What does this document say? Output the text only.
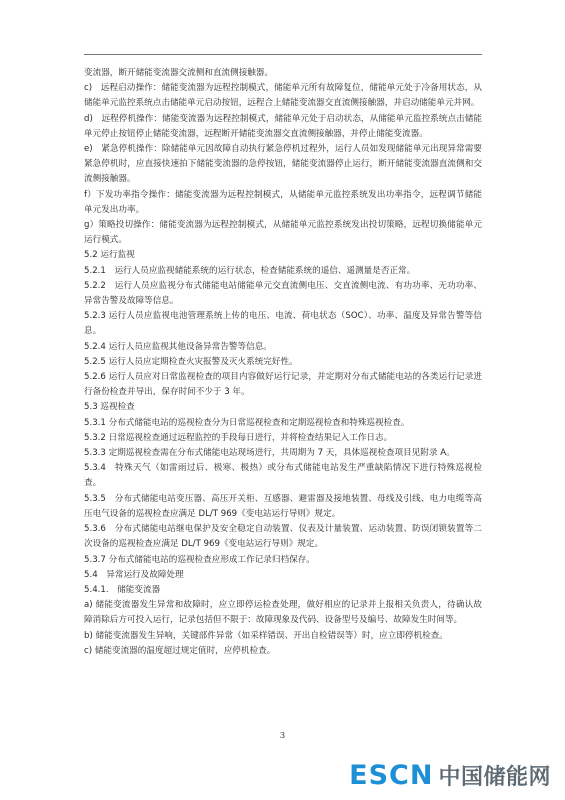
变流器，断开储能变流器交流侧和直流侧接触器。

c)　远程启动操作：储能变流器为远程控制模式，储能单元所有故障复位，储能单元处于冷备用状态，从储能单元监控系统点击储能单元启动按钮，远程合上储能变流器交直流侧接触器，并启动储能单元并网。

d)　远程停机操作：储能变流器为远程控制模式，储能单元处于启动状态，从储能单元监控系统点击储能单元停止按钮停止储能变流器，远程断开储能变流器交直流侧接触器，并停止储能变流器。

e)　紧急停机操作：除储能单元因故障自动执行紧急停机过程外，运行人员如发现储能单元出现异常需要紧急停机时，应直接快速拍下储能变流器的急停按钮，储能变流器停止运行，断开储能变流器直流侧和交流侧接触器。

f）下发功率指令操作：储能变流器为远程控制模式，从储能单元监控系统发出功率指令，远程调节储能单元发出功率。

g）策略投切操作：储能变流器为远程控制模式，从储能单元监控系统发出投切策略，远程切换储能单元运行模式。

5.2 运行监视

5.2.1　运行人员应监视储能系统的运行状态，检查储能系统的遥信、遥测量是否正常。

5.2.2　运行人员应监视分布式储能电站储能单元交直流侧电压、交直流侧电流、有功功率、无功功率、异常告警及故障等信息。

5.2.3 运行人员应监视电池管理系统上传的电压、电流、荷电状态（SOC）、功率、温度及异常告警等信息。

5.2.4 运行人员应监视其他设备异常告警等信息。

5.2.5 运行人员应定期检查火灾报警及灭火系统完好性。

5.2.6 运行人员应对日常监视检查的项目内容做好运行记录，并定期对分布式储能电站的各类运行记录进行备份检查并导出，保存时间不少于 3 年。

5.3 巡视检查

5.3.1 分布式储能电站的巡视检查分为日常巡视检查和定期巡视检查和特殊巡视检查。

5.3.2 日常巡视检查通过远程监控的手段每日进行，并将检查结果记入工作日志。

5.3.3 定期巡视检查需在分布式储能电站现场进行，共周期为 7 天，具体巡视检查项目见附录 A。

5.3.4　特殊天气（如雷雨过后、极寒、极热）或分布式储能电站发生严重缺陷情况下进行特殊巡视检查。

5.3.5　分布式储能电站变压器、高压开关柜、互感器、避雷器及接地装置、母线及引线、电力电缆等高压电气设备的巡视检查应满足 DL/T 969《变电站运行导则》规定。

5.3.6　分布式储能电站继电保护及安全稳定自动装置、仪表及计量装置、运动装置、防误闭锁装置等二次设备的巡视检查应满足 DL/T 969《变电站运行导则》规定。

5.3.7 分布式储能电站的巡视检查应形成工作记录归档保存。

5.4　异常运行及故障处理

5.4.1.　储能变流器

a) 储能变流器发生异常和故障时，应立即停运检查处理，做好相应的记录并上报相关负责人，待确认故障消除后方可投入运行，记录包括但不限于：故障现象及代码、设备型号及编号、故障发生时间等。

b) 储能变流器发生异响，关键部件异常（如采样错误、开出自检错误等）时，应立即停机检查。

c) 储能变流器的温度超过规定值时，应停机检查。

3
ESCN 中国储能网
